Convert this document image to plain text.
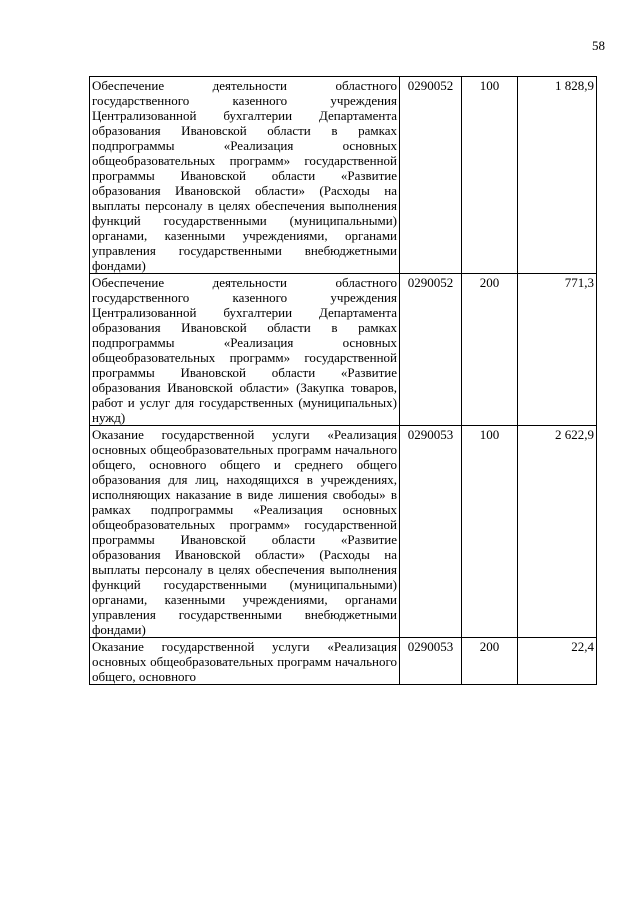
58
Обеспечение деятельности областного государственного казенного учреждения Централизованной бухгалтерии Департамента образования Ивановской области в рамках подпрограммы «Реализация основных общеобразовательных программ» государственной программы Ивановской области «Развитие образования Ивановской области» (Расходы на выплаты персоналу в целях обеспечения выполнения функций государственными (муниципальными) органами, казенными учреждениями, органами управления государственными внебюджетными фондами)	0290052	100	1 828,9
Обеспечение деятельности областного государственного казенного учреждения Централизованной бухгалтерии Департамента образования Ивановской области в рамках подпрограммы «Реализация основных общеобразовательных программ» государственной программы Ивановской области «Развитие образования Ивановской области» (Закупка товаров, работ и услуг для государственных (муниципальных) нужд)	0290052	200	771,3
Оказание государственной услуги «Реализация основных общеобразовательных программ начального общего, основного общего и среднего общего образования для лиц, находящихся в учреждениях, исполняющих наказание в виде лишения свободы» в рамках подпрограммы «Реализация основных общеобразовательных программ» государственной программы Ивановской области «Развитие образования Ивановской области» (Расходы на выплаты персоналу в целях обеспечения выполнения функций государственными (муниципальными) органами, казенными учреждениями, органами управления государственными внебюджетными фондами)	0290053	100	2 622,9
Оказание государственной услуги «Реализация основных общеобразовательных программ начального общего, основного	0290053	200	22,4
